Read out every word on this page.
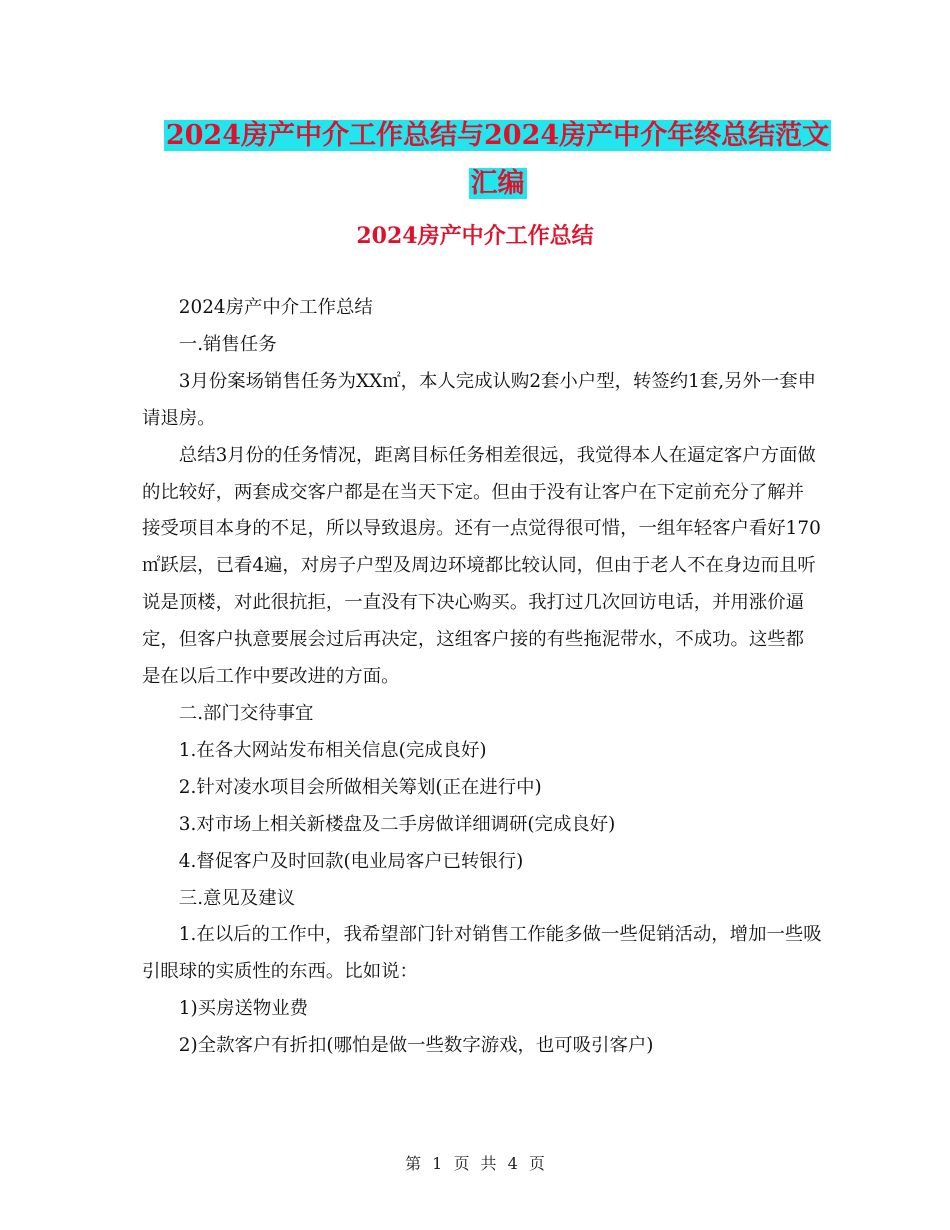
2024房产中介工作总结与2024房产中介年终总结范文
汇编
2024房产中介工作总结

2024房产中介工作总结

一.销售任务

3月份案场销售任务为XX㎡，本人完成认购2套小户型，转签约1套,另外一套申请退房。

总结3月份的任务情况，距离目标任务相差很远，我觉得本人在逼定客户方面做的比较好，两套成交客户都是在当天下定。但由于没有让客户在下定前充分了解并接受项目本身的不足，所以导致退房。还有一点觉得很可惜，一组年轻客户看好170㎡跃层，已看4遍，对房子户型及周边环境都比较认同，但由于老人不在身边而且听说是顶楼，对此很抗拒，一直没有下决心购买。我打过几次回访电话，并用涨价逼定，但客户执意要展会过后再决定，这组客户接的有些拖泥带水，不成功。这些都是在以后工作中要改进的方面。

二.部门交待事宜

1.在各大网站发布相关信息(完成良好)

2.针对凌水项目会所做相关筹划(正在进行中)

3.对市场上相关新楼盘及二手房做详细调研(完成良好)

4.督促客户及时回款(电业局客户已转银行)

三.意见及建议

1.在以后的工作中，我希望部门针对销售工作能多做一些促销活动，增加一些吸引眼球的实质性的东西。比如说：

1)买房送物业费

2)全款客户有折扣(哪怕是做一些数字游戏，也可吸引客户)

第 1 页 共 4 页
